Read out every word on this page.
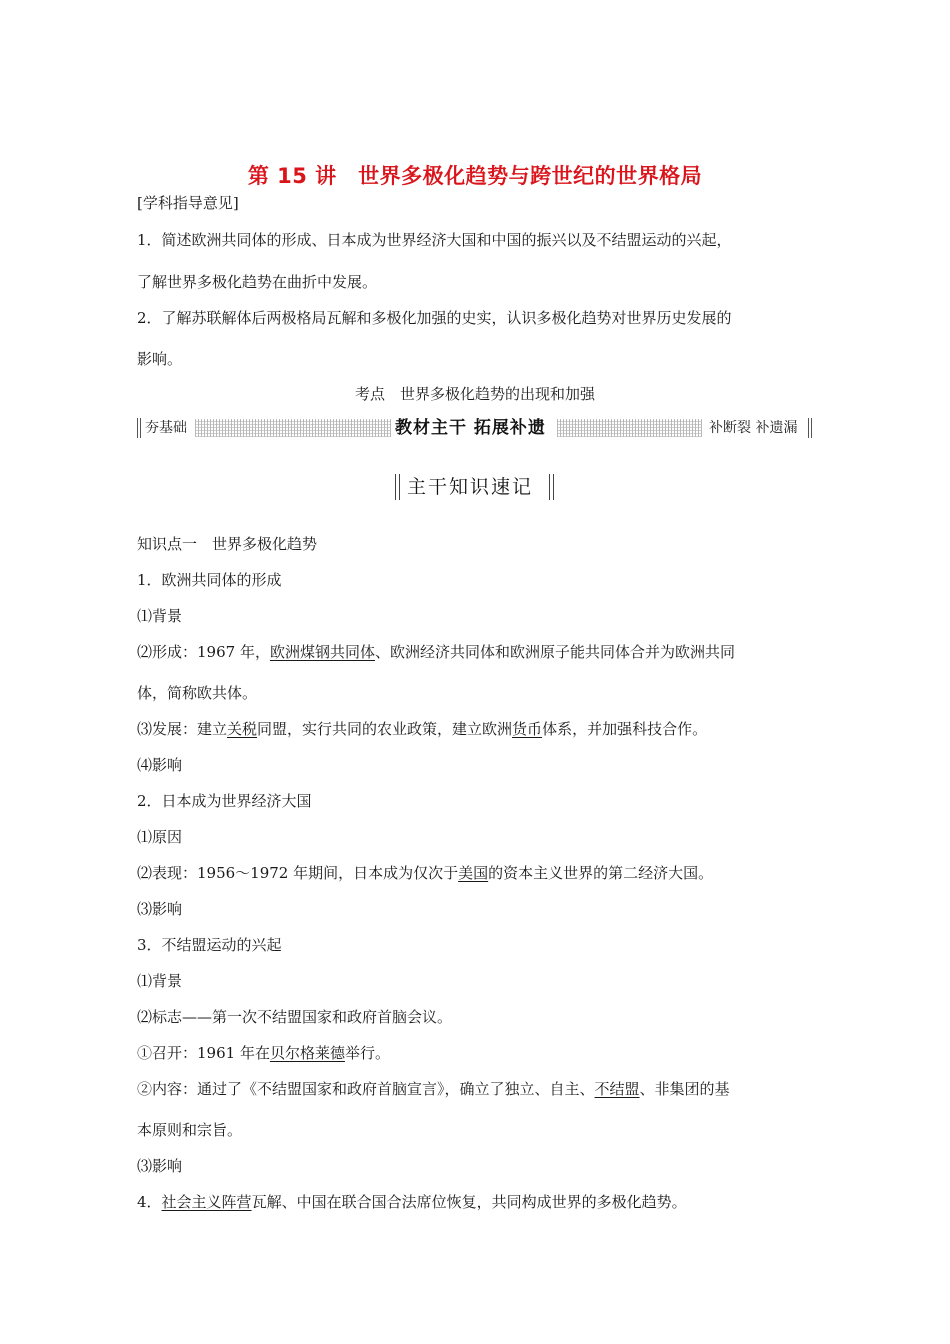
第 15 讲　世界多极化趋势与跨世纪的世界格局
[学科指导意见]
1．简述欧洲共同体的形成、日本成为世界经济大国和中国的振兴以及不结盟运动的兴起，
了解世界多极化趋势在曲折中发展。
2．了解苏联解体后两极格局瓦解和多极化加强的史实，认识多极化趋势对世界历史发展的
影响。
考点　世界多极化趋势的出现和加强
夯基础	教材主干 拓展补遗	补断裂 补遗漏
主干知识速记
知识点一　世界多极化趋势
1．欧洲共同体的形成
⑴背景
⑵形成：1967 年，欧洲煤钢共同体、欧洲经济共同体和欧洲原子能共同体合并为欧洲共同
体，简称欧共体。
⑶发展：建立关税同盟，实行共同的农业政策，建立欧洲货币体系，并加强科技合作。
⑷影响
2．日本成为世界经济大国
⑴原因
⑵表现：1956～1972 年期间，日本成为仅次于美国的资本主义世界的第二经济大国。
⑶影响
3．不结盟运动的兴起
⑴背景
⑵标志——第一次不结盟国家和政府首脑会议。
①召开：1961 年在贝尔格莱德举行。
②内容：通过了《不结盟国家和政府首脑宣言》，确立了独立、自主、不结盟、非集团的基
本原则和宗旨。
⑶影响
4．社会主义阵营瓦解、中国在联合国合法席位恢复，共同构成世界的多极化趋势。
